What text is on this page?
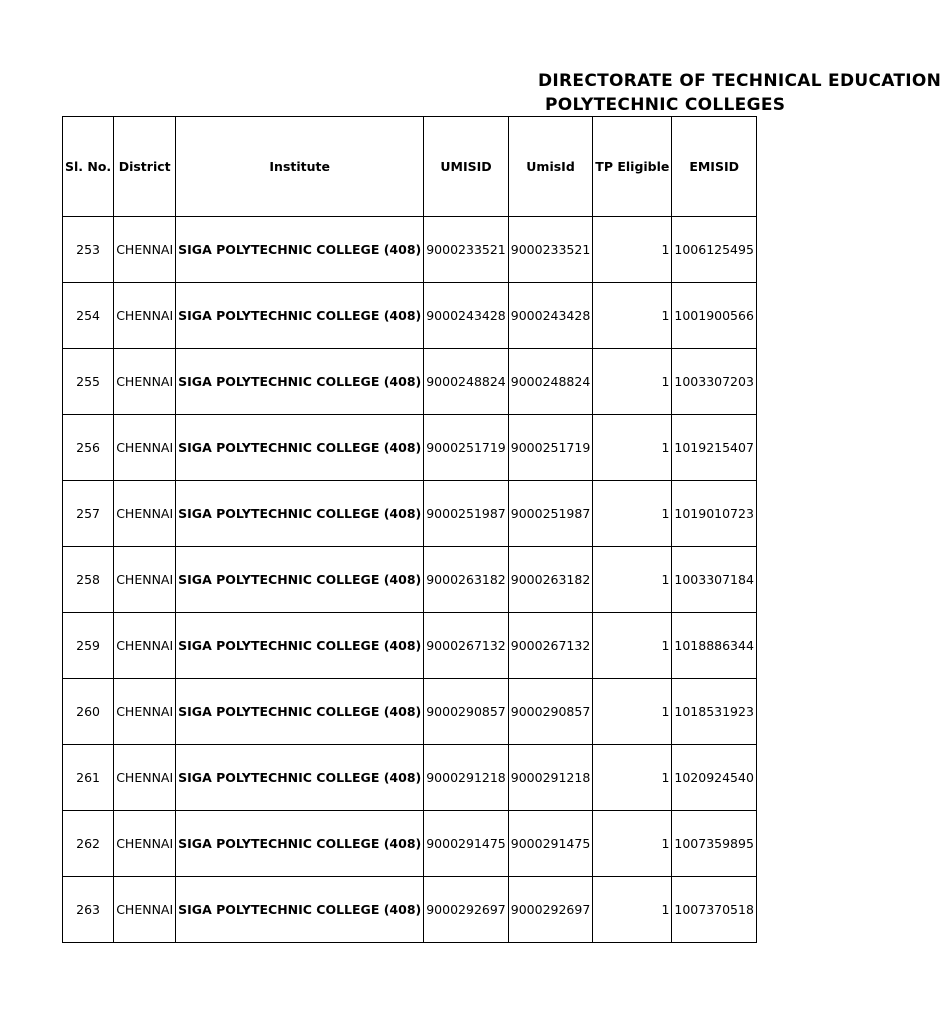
DIRECTORATE OF TECHNICAL EDUCATION
POLYTECHNIC COLLEGES
Sl. No.	District	Institute	UMISID	UmisId	TP Eligible	EMISID
253	CHENNAI	SIGA POLYTECHNIC COLLEGE (408)	9000233521	9000233521	1	1006125495
254	CHENNAI	SIGA POLYTECHNIC COLLEGE (408)	9000243428	9000243428	1	1001900566
255	CHENNAI	SIGA POLYTECHNIC COLLEGE (408)	9000248824	9000248824	1	1003307203
256	CHENNAI	SIGA POLYTECHNIC COLLEGE (408)	9000251719	9000251719	1	1019215407
257	CHENNAI	SIGA POLYTECHNIC COLLEGE (408)	9000251987	9000251987	1	1019010723
258	CHENNAI	SIGA POLYTECHNIC COLLEGE (408)	9000263182	9000263182	1	1003307184
259	CHENNAI	SIGA POLYTECHNIC COLLEGE (408)	9000267132	9000267132	1	1018886344
260	CHENNAI	SIGA POLYTECHNIC COLLEGE (408)	9000290857	9000290857	1	1018531923
261	CHENNAI	SIGA POLYTECHNIC COLLEGE (408)	9000291218	9000291218	1	1020924540
262	CHENNAI	SIGA POLYTECHNIC COLLEGE (408)	9000291475	9000291475	1	1007359895
263	CHENNAI	SIGA POLYTECHNIC COLLEGE (408)	9000292697	9000292697	1	1007370518
